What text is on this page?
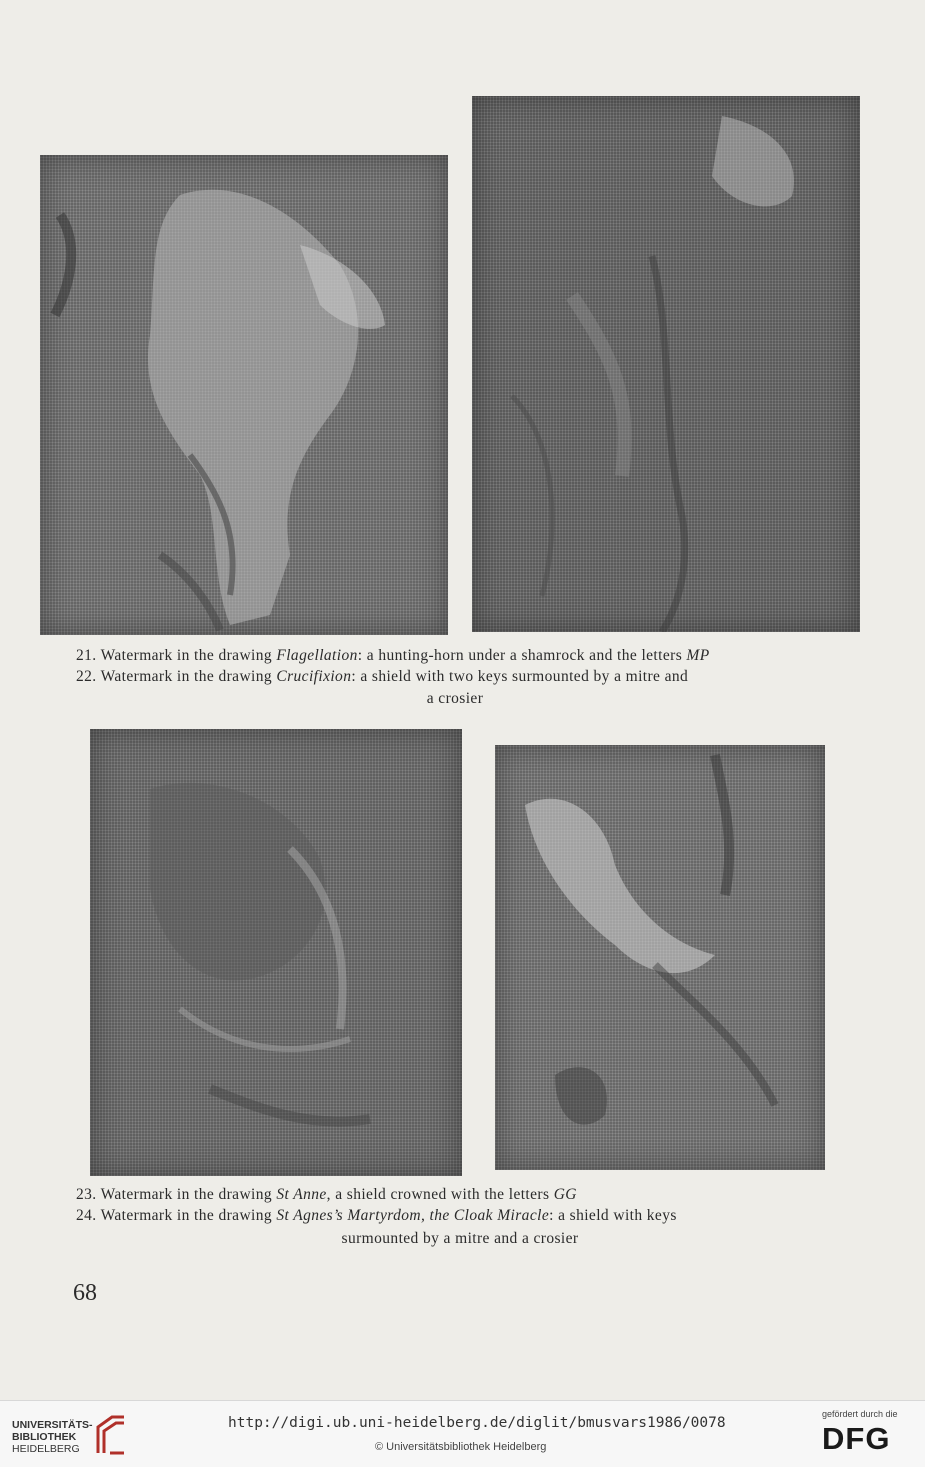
21. Watermark in the drawing Flagellation: a hunting-horn under a shamrock and the letters MP
22. Watermark in the drawing Crucifixion: a shield with two keys surmounted by a mitre and
a crosier
23. Watermark in the drawing St Anne, a shield crowned with the letters GG
24. Watermark in the drawing St Agnes’s Martyrdom, the Cloak Miracle: a shield with keys
surmounted by a mitre and a crosier
68
UNIVERSITÄTS-
BIBLIOTHEK
HEIDELBERG
http://digi.ub.uni-heidelberg.de/diglit/bmusvars1986/0078
© Universitätsbibliothek Heidelberg
gefördert durch die
DFG
